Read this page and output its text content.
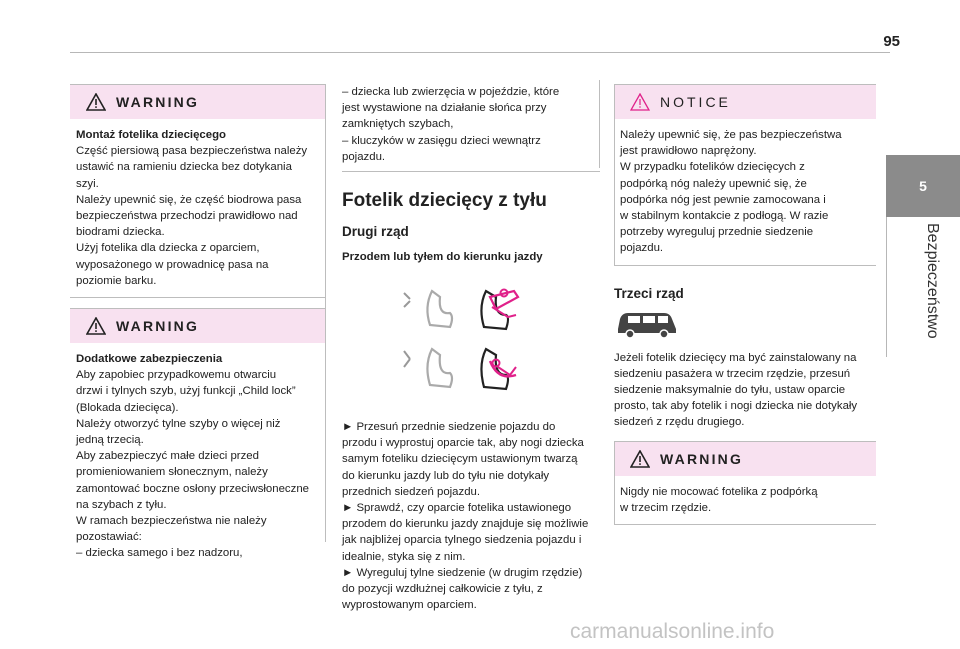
95
5
Bezpieczeństwo
WARNING
Montaż fotelika dziecięcego
Część piersiową pasa bezpieczeństwa należy
ustawić na ramieniu dziecka bez dotykania
szyi.
Należy upewnić się, że część biodrowa pasa
bezpieczeństwa przechodzi prawidłowo nad
biodrami dziecka.
Użyj fotelika dla dziecka z oparciem,
wyposażonego w prowadnicę pasa na
poziomie barku.
WARNING
Dodatkowe zabezpieczenia
Aby zapobiec przypadkowemu otwarciu
drzwi i tylnych szyb, użyj funkcji „Child lock”
(Blokada dziecięca).
Należy otworzyć tylne szyby o więcej niż
jedną trzecią.
Aby zabezpieczyć małe dzieci przed
promieniowaniem słonecznym, należy
zamontować boczne osłony przeciwsłoneczne
na szybach z tyłu.
W ramach bezpieczeństwa nie należy
pozostawiać:
– dziecka samego i bez nadzoru,
– dziecka lub zwierzęcia w pojeździe, które
jest wystawione na działanie słońca przy
zamkniętych szybach,
– kluczyków w zasięgu dzieci wewnątrz
pojazdu.
Fotelik dziecięcy z tyłu
Drugi rząd
Przodem lub tyłem do kierunku jazdy
► Przesuń przednie siedzenie pojazdu do
przodu i wyprostuj oparcie tak, aby nogi dziecka
samym foteliku dziecięcym ustawionym twarzą
do kierunku jazdy lub do tyłu nie dotykały
przednich siedzeń pojazdu.
► Sprawdź, czy oparcie fotelika ustawionego
przodem do kierunku jazdy znajduje się możliwie
jak najbliżej oparcia tylnego siedzenia pojazdu i
idealnie, styka się z nim.
► Wyreguluj tylne siedzenie (w drugim rzędzie)
do pozycji wzdłużnej całkowicie z tyłu, z
wyprostowanym oparciem.
NOTICE
Należy upewnić się, że pas bezpieczeństwa
jest prawidłowo naprężony.
W przypadku fotelików dziecięcych z
podpórką nóg należy upewnić się, że
podpórka nóg jest pewnie zamocowana i
w stabilnym kontakcie z podłogą. W razie
potrzeby wyreguluj przednie siedzenie
pojazdu.
Trzeci rząd
Jeżeli fotelik dziecięcy ma być zainstalowany na
siedzeniu pasażera w trzecim rzędzie, przesuń
siedzenie maksymalnie do tyłu, ustaw oparcie
prosto, tak aby fotelik i nogi dziecka nie dotykały
siedzeń z rzędu drugiego.
WARNING
Nigdy nie mocować fotelika z podpórką
w trzecim rzędzie.
carmanualsonline.info
